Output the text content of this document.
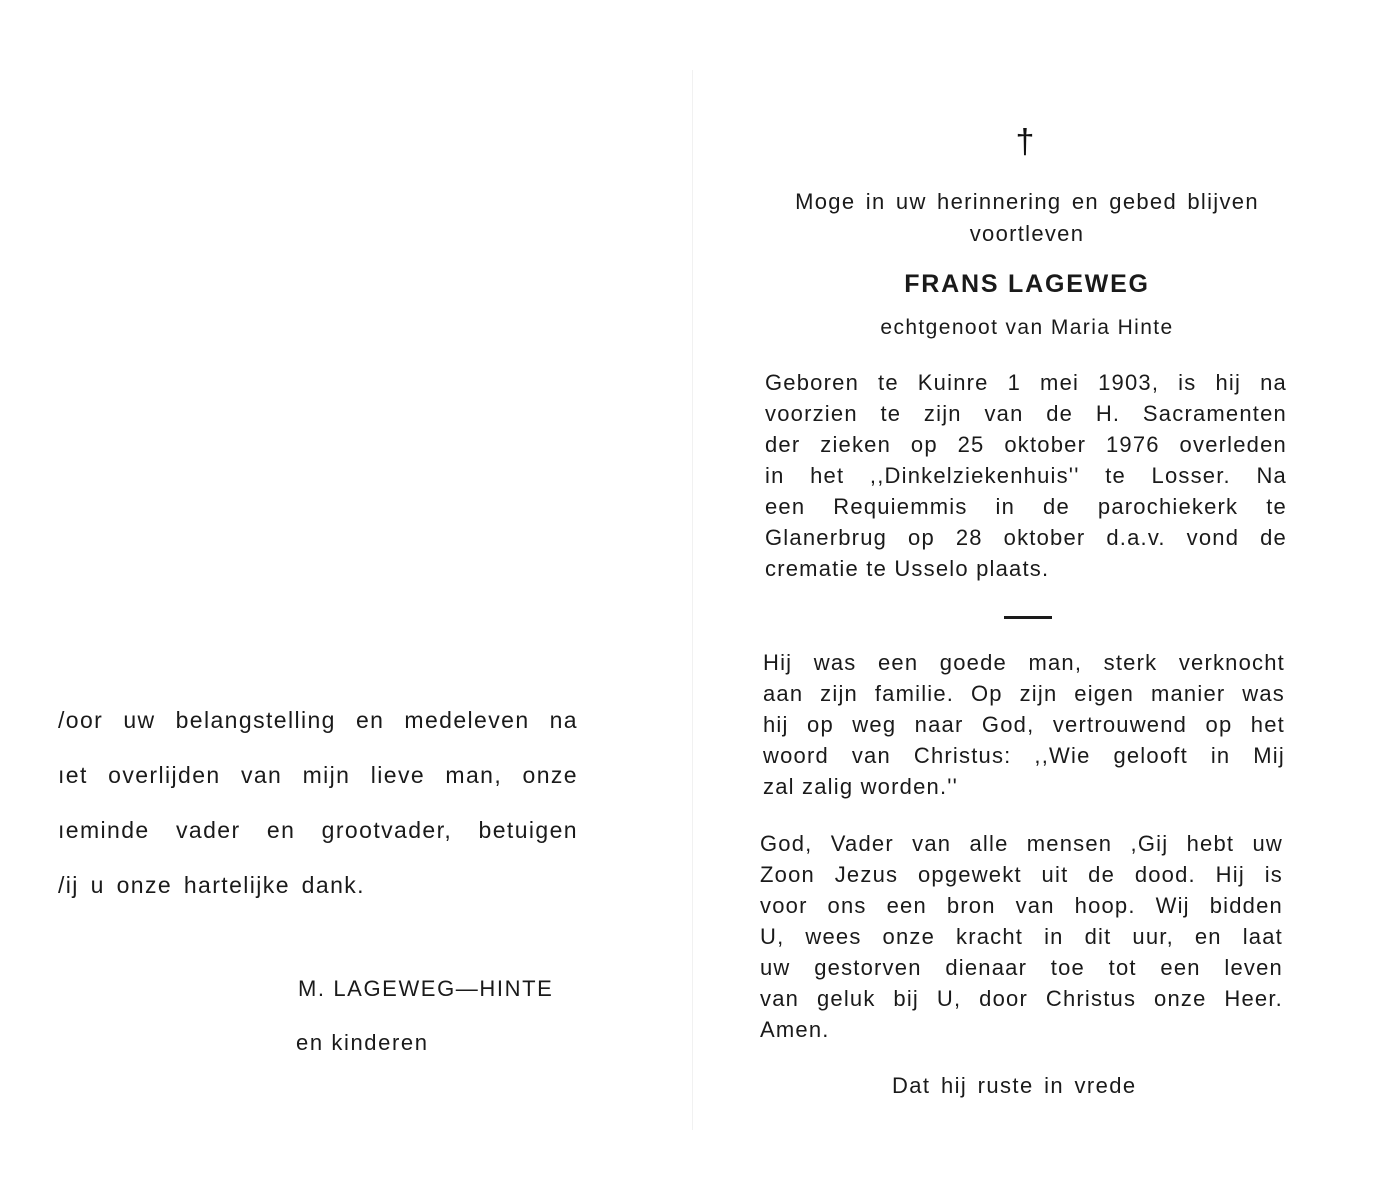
/oor uw belangstelling en medeleven na
ıet overlijden van mijn lieve man, onze
ıeminde vader en grootvader, betuigen
/ij u onze hartelijke dank.
M. LAGEWEG—HINTE
en kinderen
†
Moge in uw herinnering en gebed blijven
voortleven
FRANS LAGEWEG
echtgenoot van Maria Hinte
Geboren te Kuinre 1 mei 1903, is hij na
voorzien te zijn van de H. Sacramenten
der zieken op 25 oktober 1976 overleden
in het ,,Dinkelziekenhuis'' te Losser. Na
een Requiemmis in de parochiekerk te
Glanerbrug op 28 oktober d.a.v. vond de
crematie te Usselo plaats.
Hij was een goede man, sterk verknocht
aan zijn familie. Op zijn eigen manier was
hij op weg naar God, vertrouwend op het
woord van Christus: ,,Wie gelooft in Mij
zal zalig worden.''
God, Vader van alle mensen ,Gij hebt uw
Zoon Jezus opgewekt uit de dood. Hij is
voor ons een bron van hoop. Wij bidden
U, wees onze kracht in dit uur, en laat
uw gestorven dienaar toe tot een leven
van geluk bij U, door Christus onze Heer.
Amen.
Dat hij ruste in vrede
